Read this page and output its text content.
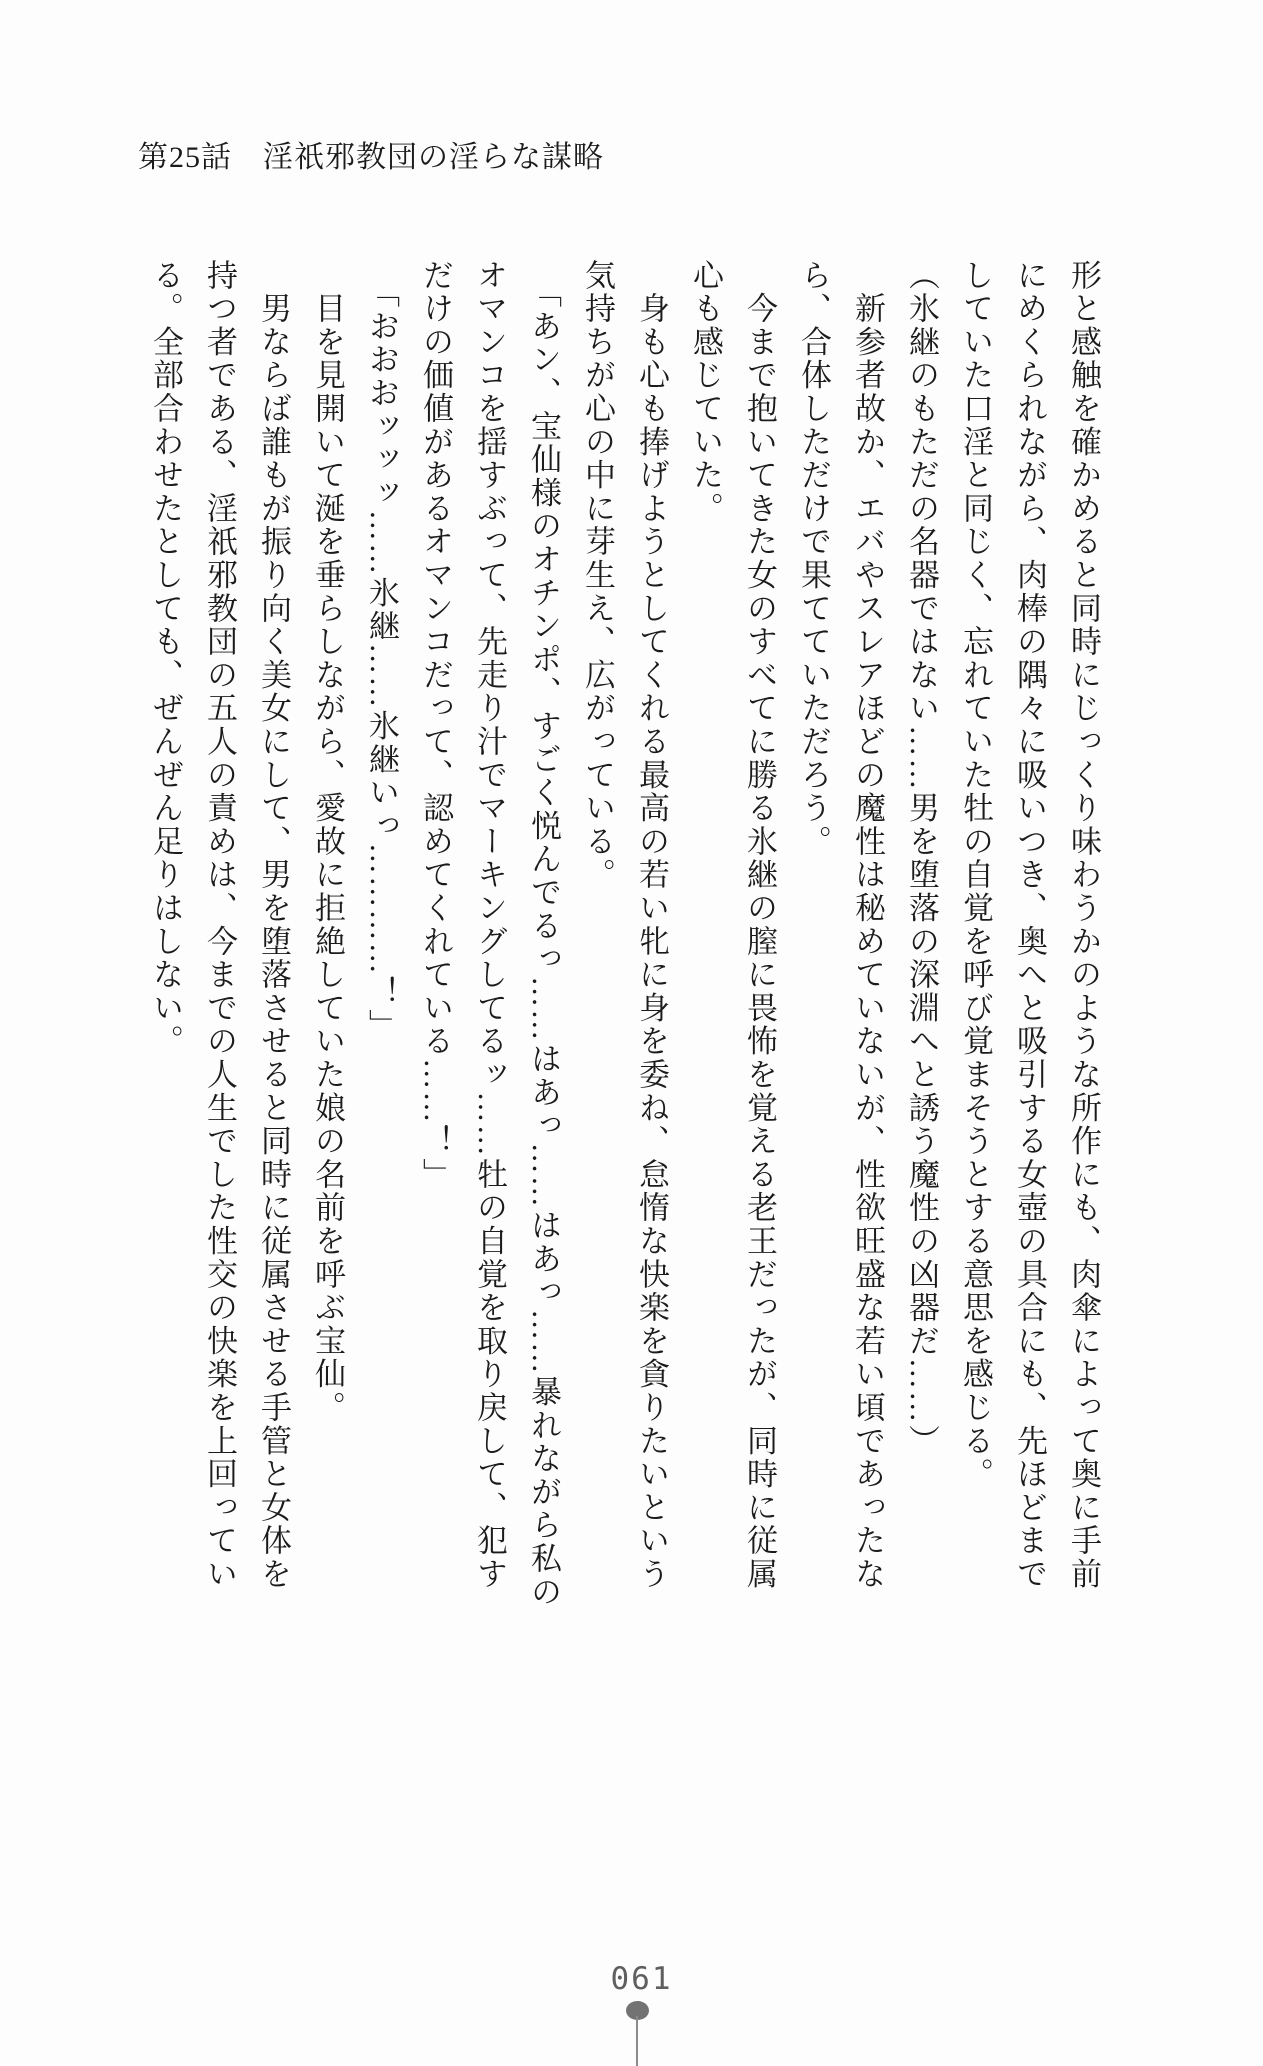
第25話　淫祇邪教団の淫らな謀略

形と感触を確かめると同時にじっくり味わうかのような所作にも、肉傘によって奥に手前

にめくられながら、肉棒の隅々に吸いつき、奥へと吸引する女壺の具合にも、先ほどまで

していた口淫と同じく、忘れていた牡の自覚を呼び覚まそうとする意思を感じる。

（氷継のもただの名器ではない……男を堕落の深淵へと誘う魔性の凶器だ……）

　新参者故か、エバやスレアほどの魔性は秘めていないが、性欲旺盛な若い頃であったな

ら、合体しただけで果てていただろう。

　今まで抱いてきた女のすべてに勝る氷継の膣に畏怖を覚える老王だったが、同時に従属

心も感じていた。

　身も心も捧げようとしてくれる最高の若い牝に身を委ね、怠惰な快楽を貪りたいという

気持ちが心の中に芽生え、広がっている。

　「あン、宝仙様のオチンポ、すごく悦んでるっ……はあっ……はあっ……暴れながら私の

オマンコを揺すぶって、先走り汁でマーキングしてるッ……牡の自覚を取り戻して、犯す

だけの価値があるオマンコだって、認めてくれている……！」

　「おおおッッッ……氷継……氷継いっ…………！」

　目を見開いて涎を垂らしながら、愛故に拒絶していた娘の名前を呼ぶ宝仙。

　男ならば誰もが振り向く美女にして、男を堕落させると同時に従属させる手管と女体を

持つ者である、淫祇邪教団の五人の責めは、今までの人生でした性交の快楽を上回ってい

る。全部合わせたとしても、ぜんぜん足りはしない。

061
